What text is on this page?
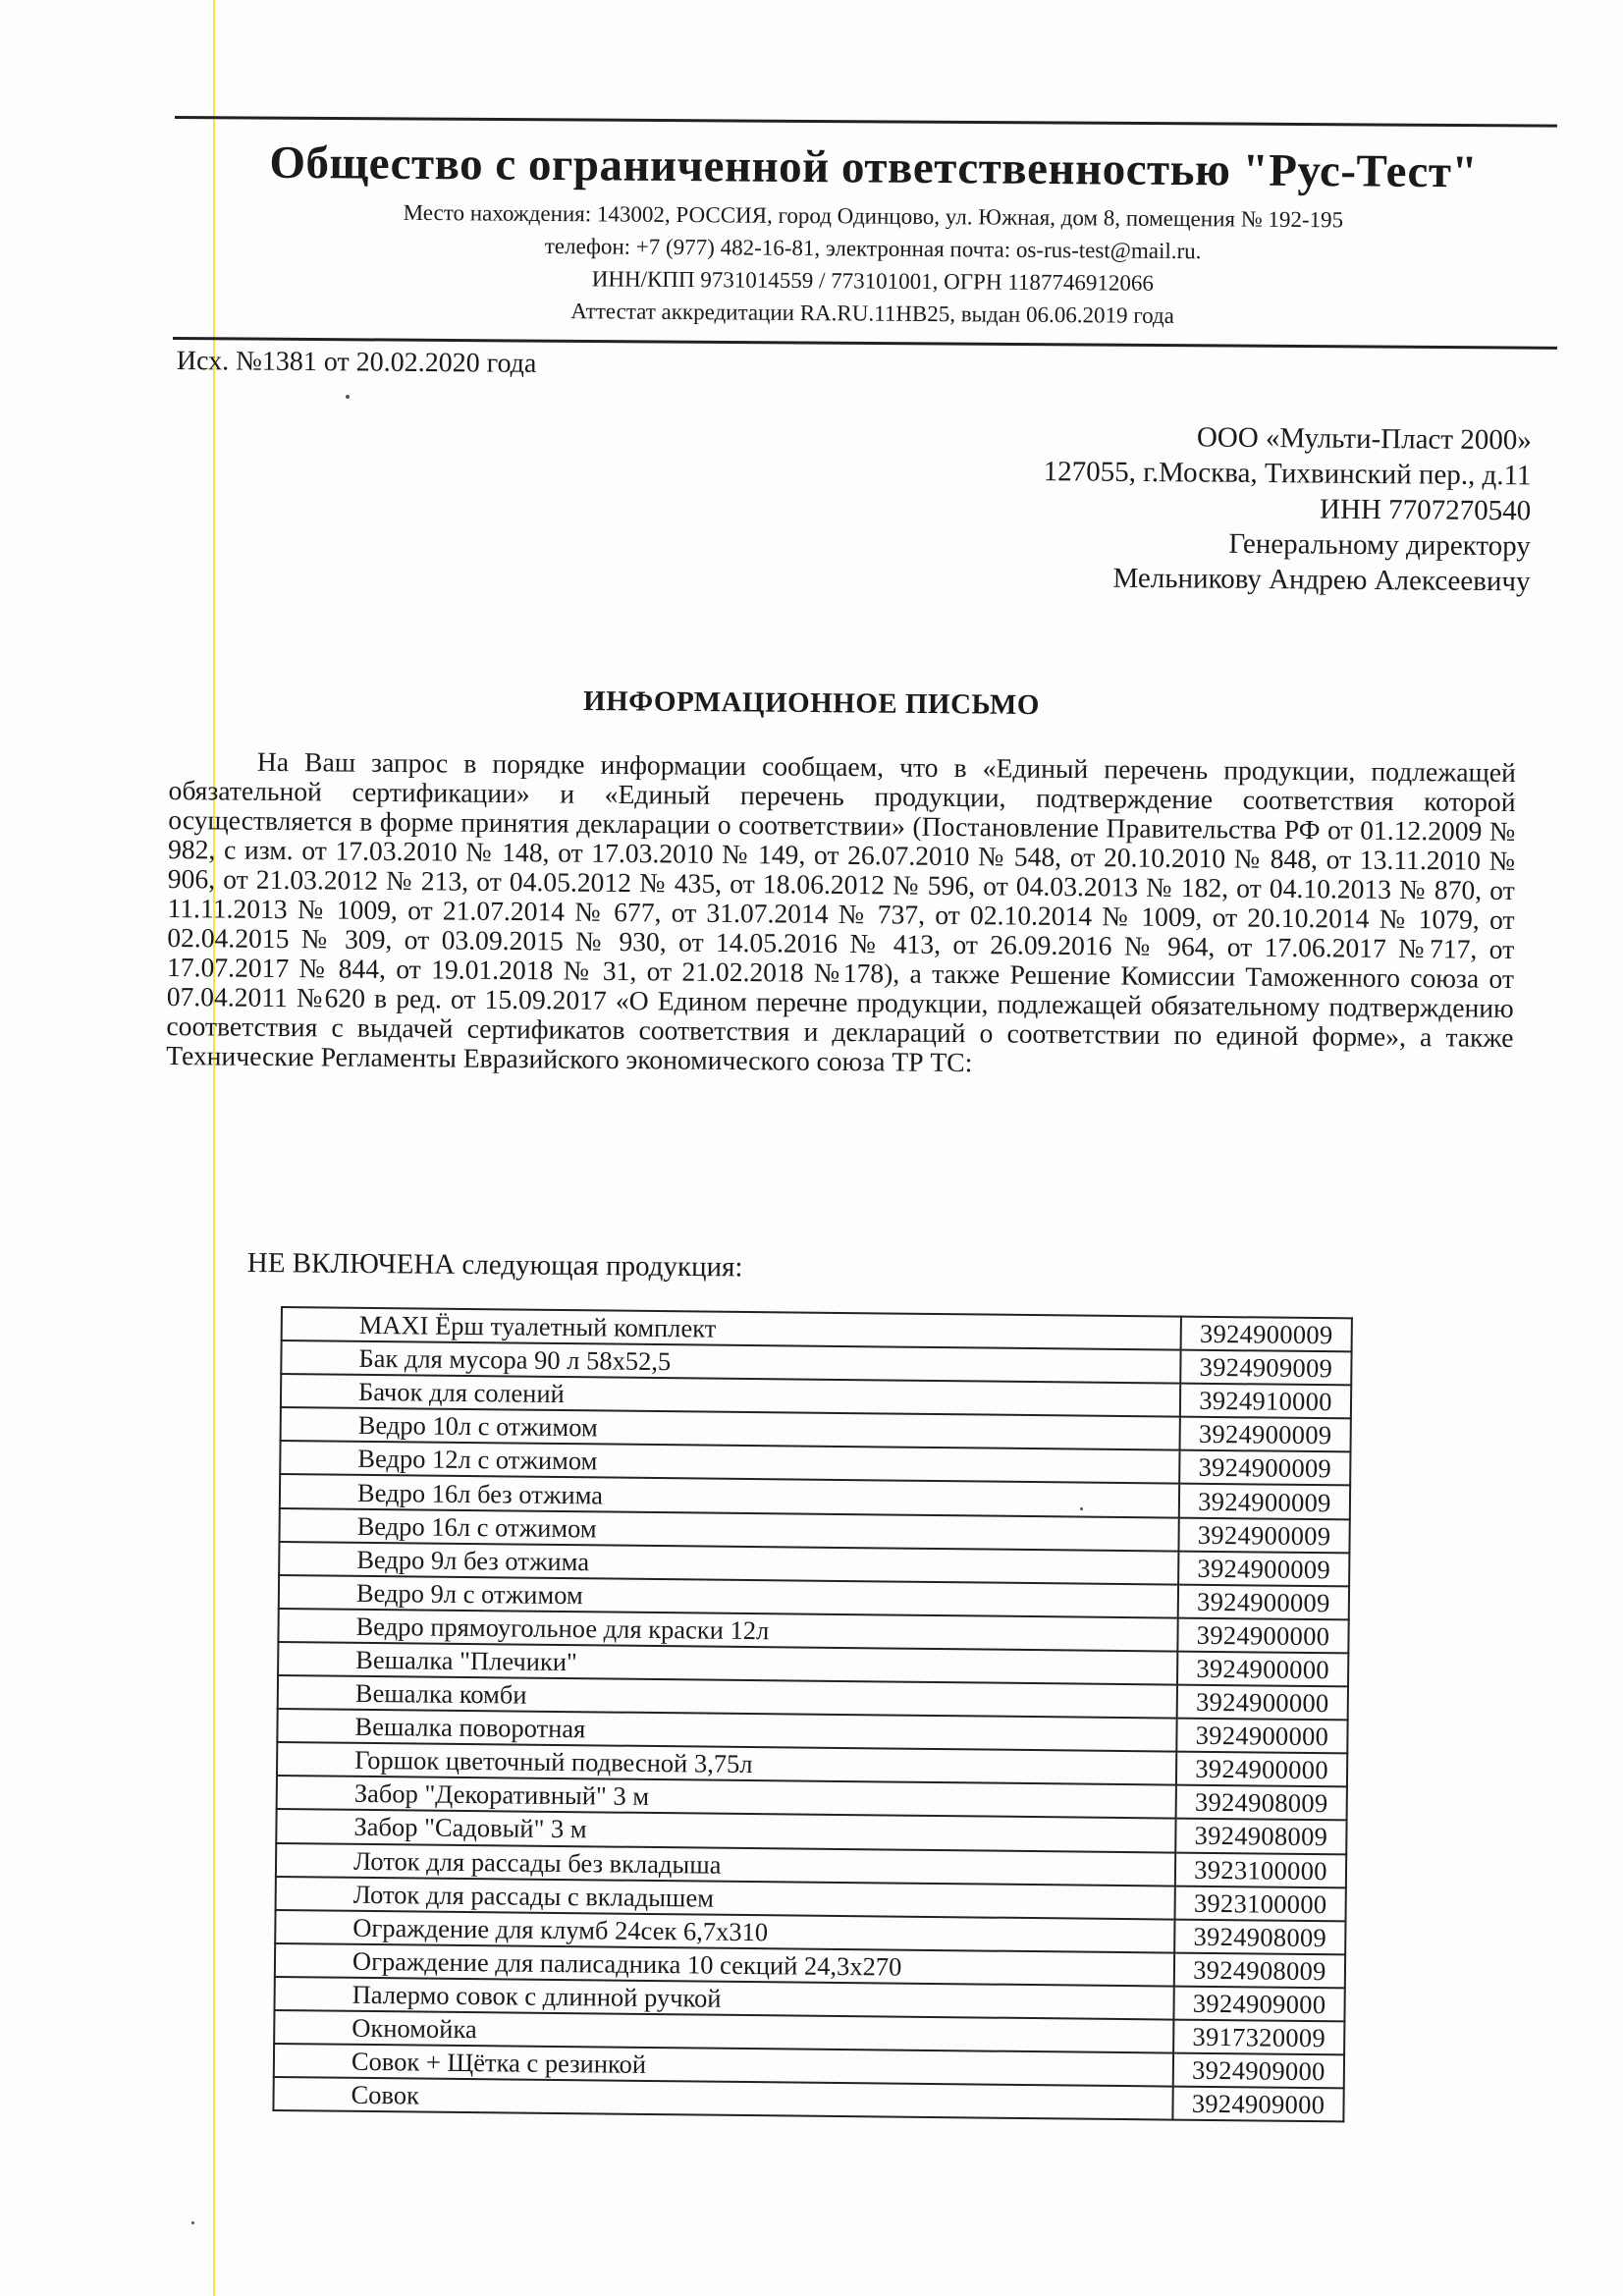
Общество с ограниченной ответственностью "Рус-Тест"
Место нахождения: 143002, РОССИЯ, город Одинцово, ул. Южная, дом 8, помещения № 192-195
телефон: +7 (977) 482-16-81, электронная почта: os-rus-test@mail.ru.
ИНН/КПП 9731014559 / 773101001, ОГРН 1187746912066
Аттестат аккредитации RA.RU.11НВ25, выдан 06.06.2019 года
Исх. №1381 от 20.02.2020 года
ООО «Мульти-Пласт 2000»
127055, г.Москва, Тихвинский пер., д.11
ИНН 7707270540
Генеральному директору
Мельникову Андрею Алексеевичу
ИНФОРМАЦИОННОЕ ПИСЬМО

На Ваш запрос в порядке информации сообщаем, что в «Единый перечень продукции, подлежащей обязательной сертификации» и «Единый перечень продукции, подтверждение соответствия которой осуществляется в форме принятия декларации о соответствии» (Постановление Правительства РФ от 01.12.2009 № 982, с изм. от 17.03.2010 № 148, от 17.03.2010 № 149, от 26.07.2010 № 548, от 20.10.2010 № 848, от 13.11.2010 № 906, от 21.03.2012 № 213, от 04.05.2012 № 435, от 18.06.2012 № 596, от 04.03.2013 № 182, от 04.10.2013 № 870, от 11.11.2013 № 1009, от 21.07.2014 № 677, от 31.07.2014 № 737, от 02.10.2014 № 1009, от 20.10.2014 № 1079, от 02.04.2015 № 309, от 03.09.2015 № 930, от 14.05.2016 № 413, от 26.09.2016 № 964, от 17.06.2017 №717, от 17.07.2017 № 844, от 19.01.2018 № 31, от 21.02.2018 №178), а также Решение Комиссии Таможенного союза от 07.04.2011 №620 в ред. от 15.09.2017 «О Едином перечне продукции, подлежащей обязательному подтверждению соответствия с выдачей сертификатов соответствия и деклараций о соответствии по единой форме», а также Технические Регламенты Евразийского экономического союза ТР ТС:

НЕ ВКЛЮЧЕНА следующая продукция:
MAXI Ёрш туалетный комплект	3924900009
Бак для мусора 90 л 58х52,5	3924909009
Бачок для солений	3924910000
Ведро 10л с отжимом	3924900009
Ведро 12л с отжимом	3924900009
Ведро 16л без отжима	3924900009
Ведро 16л с отжимом	3924900009
Ведро 9л без отжима	3924900009
Ведро 9л с отжимом	3924900009
Ведро прямоугольное для краски 12л	3924900000
Вешалка "Плечики"	3924900000
Вешалка комби	3924900000
Вешалка поворотная	3924900000
Горшок цветочный подвесной 3,75л	3924900000
Забор "Декоративный" 3 м	3924908009
Забор "Садовый" 3 м	3924908009
Лоток для рассады без вкладыша	3923100000
Лоток для рассады с вкладышем	3923100000
Ограждение для клумб 24сек 6,7х310	3924908009
Ограждение для палисадника 10 секций 24,3х270	3924908009
Палермо совок с длинной ручкой	3924909000
Окномойка	3917320009
Совок + Щётка с резинкой	3924909000
Совок	3924909000
